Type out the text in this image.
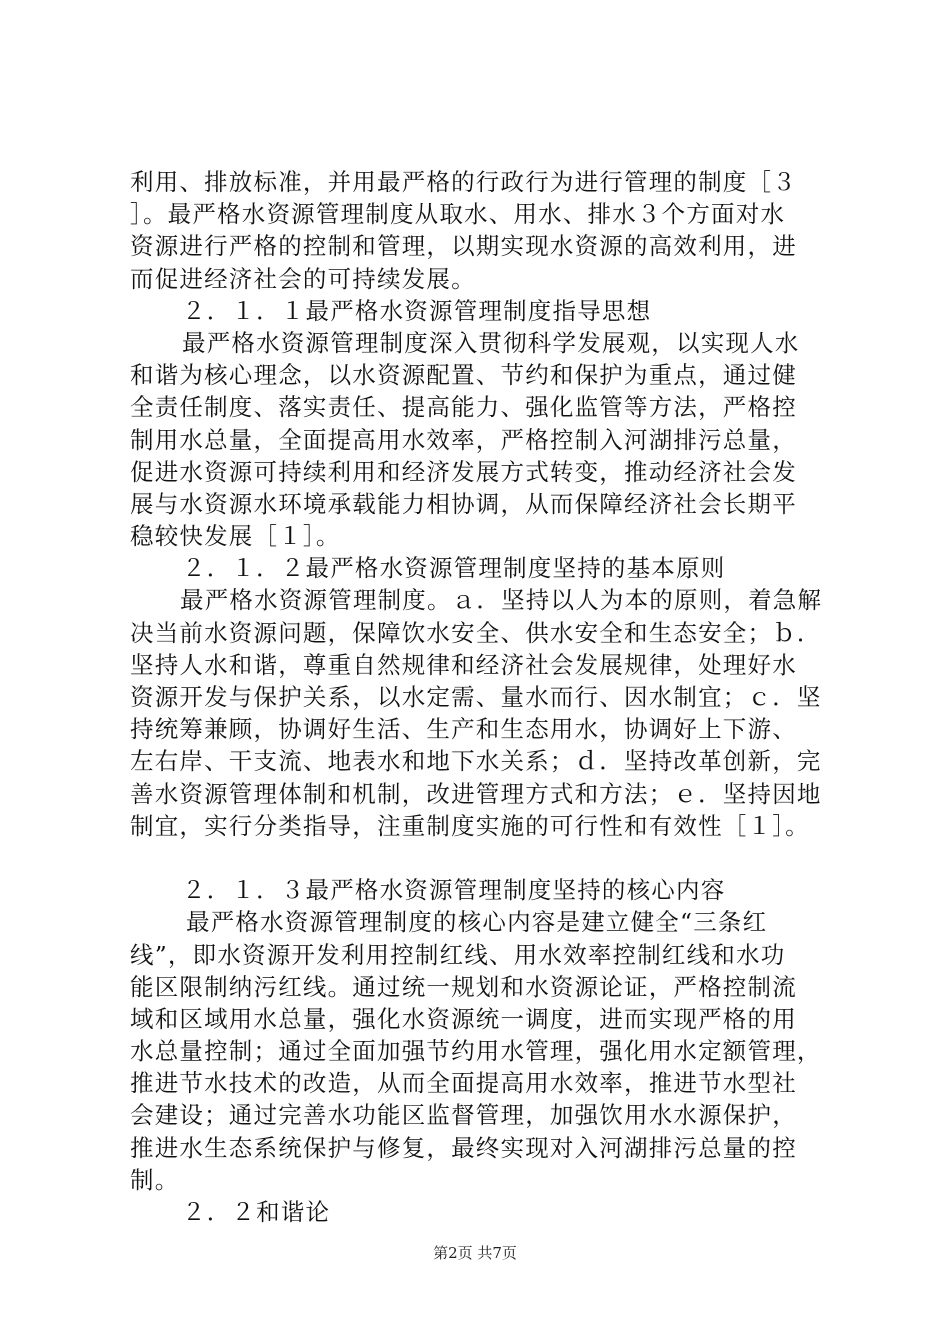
利用、排放标准，并用最严格的行政行为进行管理的制度［３
］。最严格水资源管理制度从取水、用水、排水３个方面对水
资源进行严格的控制和管理，以期实现水资源的高效利用，进
而促进经济社会的可持续发展。
２．１．１最严格水资源管理制度指导思想
最严格水资源管理制度深入贯彻科学发展观，以实现人水
和谐为核心理念，以水资源配置、节约和保护为重点，通过健
全责任制度、落实责任、提高能力、强化监管等方法，严格控
制用水总量，全面提高用水效率，严格控制入河湖排污总量，
促进水资源可持续利用和经济发展方式转变，推动经济社会发
展与水资源水环境承载能力相协调，从而保障经济社会长期平
稳较快发展［１］。
２．１．２最严格水资源管理制度坚持的基本原则
最严格水资源管理制度。ａ．坚持以人为本的原则，着急解
决当前水资源问题，保障饮水安全、供水安全和生态安全；ｂ．
坚持人水和谐，尊重自然规律和经济社会发展规律，处理好水
资源开发与保护关系，以水定需、量水而行、因水制宜；ｃ．坚
持统筹兼顾，协调好生活、生产和生态用水，协调好上下游、
左右岸、干支流、地表水和地下水关系；ｄ．坚持改革创新，完
善水资源管理体制和机制，改进管理方式和方法；ｅ．坚持因地
制宜，实行分类指导，注重制度实施的可行性和有效性［１］。
２．１．３最严格水资源管理制度坚持的核心内容
最严格水资源管理制度的核心内容是建立健全“三条红
线”，即水资源开发利用控制红线、用水效率控制红线和水功
能区限制纳污红线。通过统一规划和水资源论证，严格控制流
域和区域用水总量，强化水资源统一调度，进而实现严格的用
水总量控制；通过全面加强节约用水管理，强化用水定额管理，
推进节水技术的改造，从而全面提高用水效率，推进节水型社
会建设；通过完善水功能区监督管理，加强饮用水水源保护，
推进水生态系统保护与修复，最终实现对入河湖排污总量的控
制。
２．２和谐论
第2页 共7页
